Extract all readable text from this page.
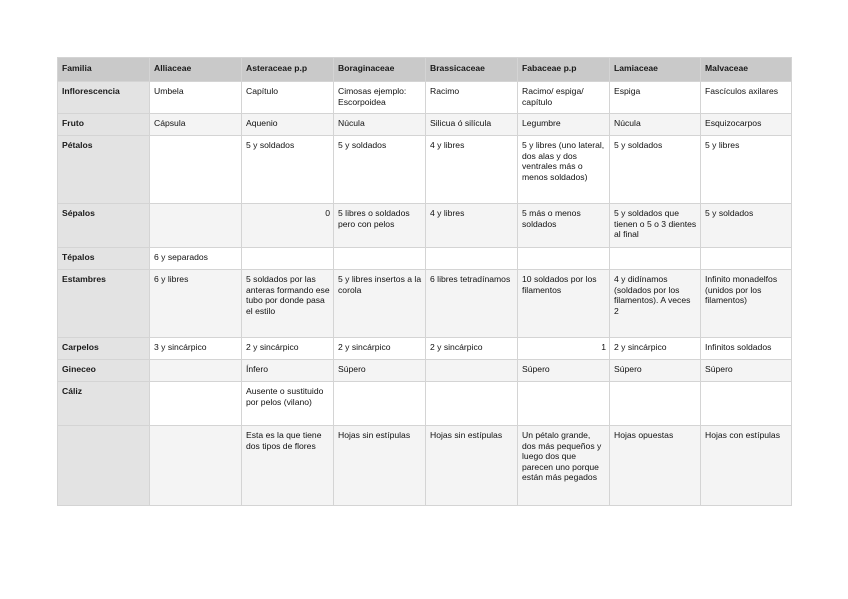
Familia	Alliaceae	Asteraceae p.p	Boraginaceae	Brassicaceae	Fabaceae p.p	Lamiaceae	Malvaceae
Inflorescencia	Umbela	Capítulo	Cimosas ejemplo: Escorpoidea	Racimo	Racimo/ espiga/ capítulo	Espiga	Fascículos axilares
Fruto	Cápsula	Aquenio	Núcula	Silicua ó silícula	Legumbre	Núcula	Esquizocarpos
Pétalos		5 y soldados	5 y soldados	4 y libres	5 y libres (uno lateral, dos alas y dos ventrales más o menos soldados)	5 y soldados	5 y libres
Sépalos		0	5 libres o soldados pero con pelos	4 y libres	5 más o menos soldados	5 y soldados que tienen o 5 o 3 dientes al final	5 y soldados
Tépalos	6 y separados						
Estambres	6 y libres	5 soldados por las anteras formando ese tubo por donde pasa el estilo	5 y libres insertos a la corola	6 libres tetradínamos	10 soldados por los filamentos	4 y didínamos (soldados por los filamentos). A veces 2	Infinito monadelfos (unidos por los filamentos)
Carpelos	3 y sincárpico	2 y sincárpico	2 y sincárpico	2 y sincárpico	1	2 y sincárpico	Infinitos soldados
Gineceo		Ínfero	Súpero		Súpero	Súpero	Súpero
Cáliz		Ausente o sustituido por pelos (vilano)					
		Esta es la que tiene dos tipos de flores	Hojas sin estípulas	Hojas sin estípulas	Un pétalo grande, dos más pequeños y luego dos que parecen uno porque están más pegados	Hojas opuestas	Hojas con estípulas
